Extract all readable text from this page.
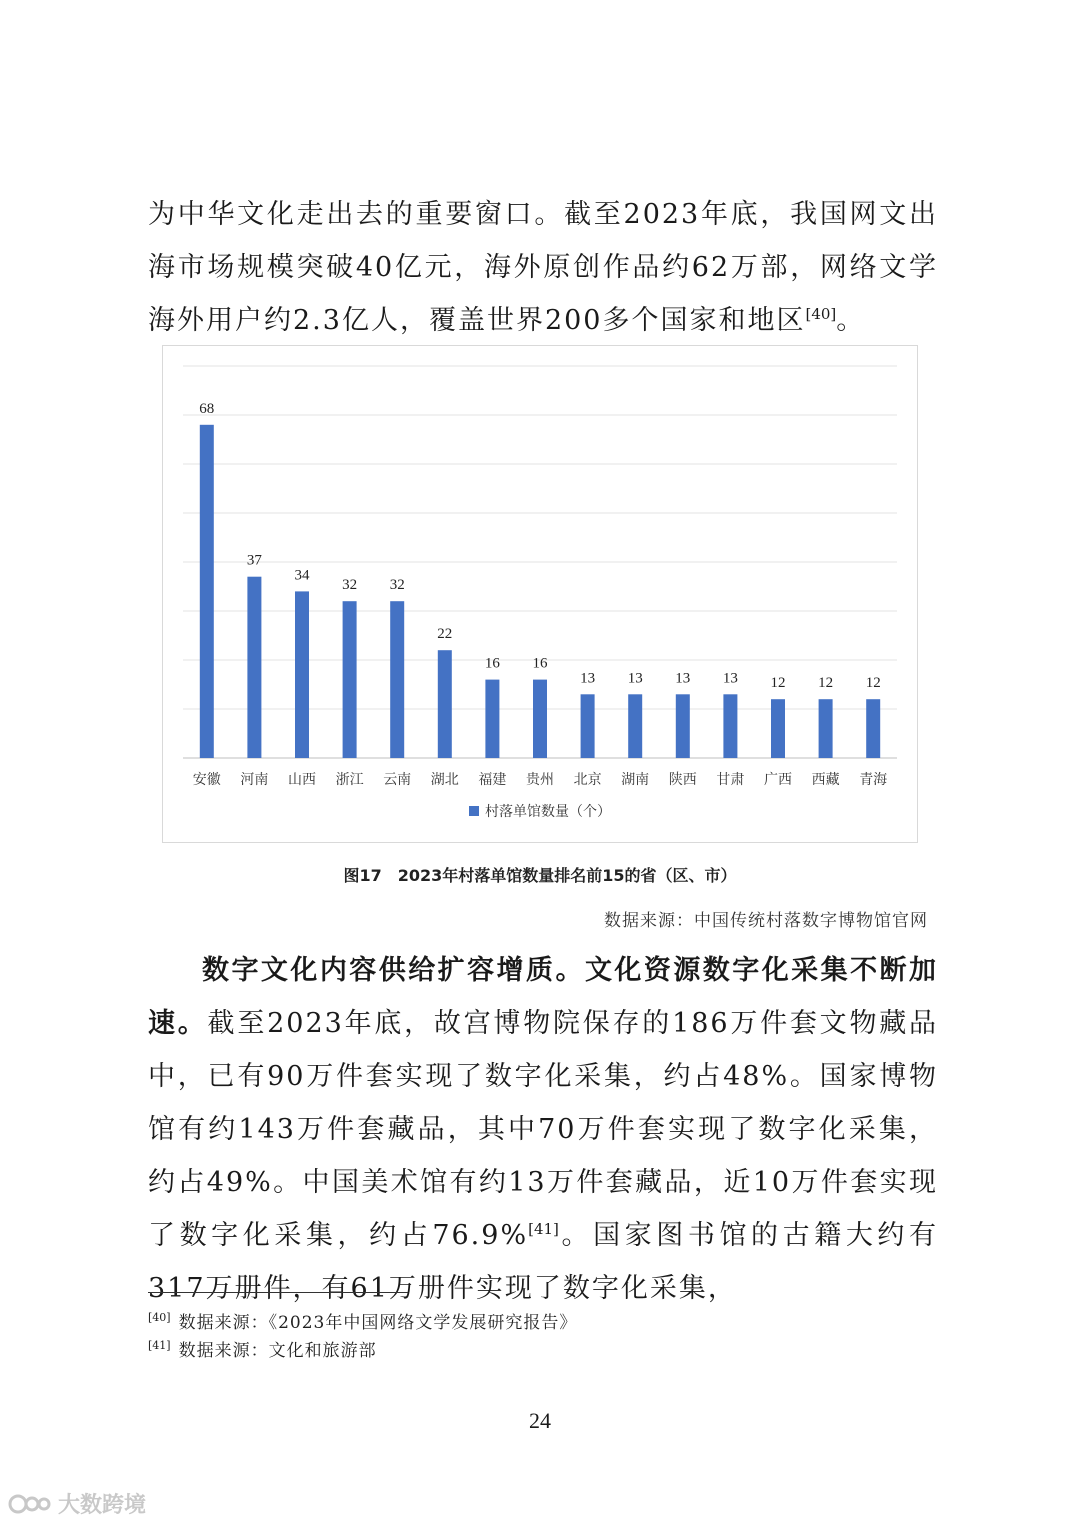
为中华文化走出去的重要窗口。截至2023年底，我国网文出海市场规模突破40亿元，海外原创作品约62万部，网络文学海外用户约2.3亿人，覆盖世界200多个国家和地区[40]。

68
安徽
37
河南
34
山西
32
浙江
32
云南
22
湖北
16
福建
16
贵州
13
北京
13
湖南
13
陕西
13
甘肃
12
广西
12
西藏
12
青海
村落单馆数量（个）
图17　2023年村落单馆数量排名前15的省（区、市）
数据来源：中国传统村落数字博物馆官网

数字文化内容供给扩容增质。文化资源数字化采集不断加速。截至2023年底，故宫博物院保存的186万件套文物藏品中，已有90万件套实现了数字化采集，约占48%。国家博物馆有约143万件套藏品，其中70万件套实现了数字化采集，约占49%。中国美术馆有约13万件套藏品，近10万件套实现了数字化采集，约占76.9%[41]。国家图书馆的古籍大约有317万册件，有61万册件实现了数字化采集，

[40] 数据来源：《2023年中国网络文学发展研究报告》
[41] 数据来源：文化和旅游部
24
大数跨境
